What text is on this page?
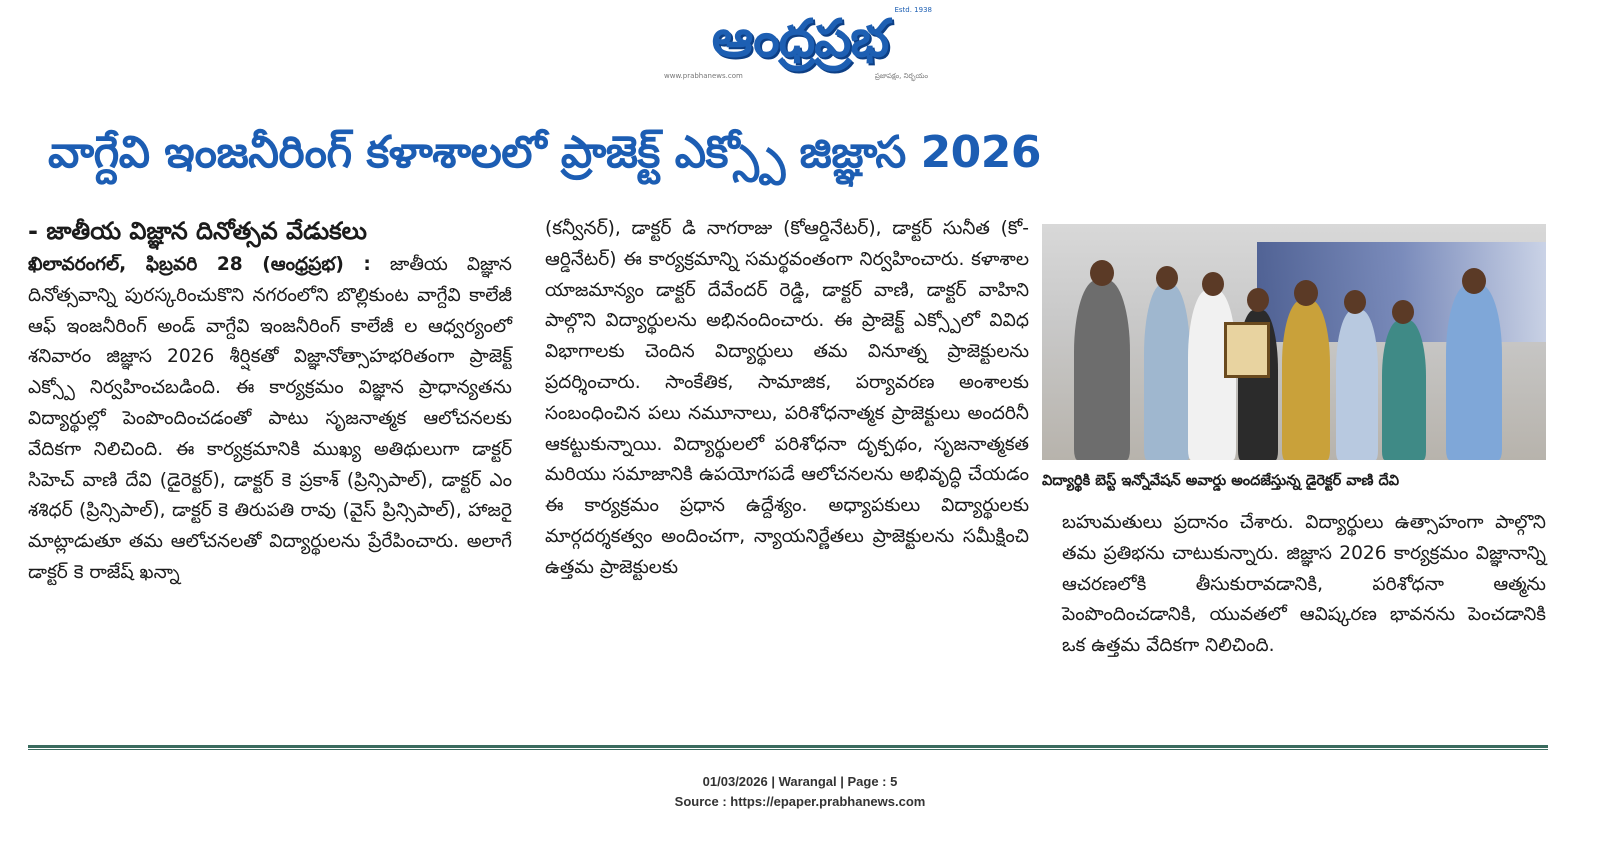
ఆంధ్రప్రభ Estd. 1938
www.prabhanews.com	ప్రజాపక్షం, నిర్భయం
వాగ్దేవి ఇంజనీరింగ్ కళాశాలలో ప్రాజెక్ట్ ఎక్స్పో జిజ్ఞాస 2026
- జాతీయ విజ్ఞాన దినోత్సవ వేడుకలు

ఖిలావరంగల్, ఫిబ్రవరి 28 (ఆంధ్రప్రభ) : జాతీయ విజ్ఞాన దినోత్సవాన్ని పురస్కరించుకొని నగరంలోని బొల్లికుంట వాగ్దేవి కాలేజీ ఆఫ్ ఇంజనీరింగ్ అండ్ వాగ్దేవి ఇంజనీరింగ్ కాలేజీ ల ఆధ్వర్యంలో శనివారం జిజ్ఞాస 2026 శీర్షికతో విజ్ఞానోత్సాహభరితంగా ప్రాజెక్ట్ ఎక్స్పో నిర్వహించబడింది. ఈ కార్యక్రమం విజ్ఞాన ప్రాధాన్యతను విద్యార్థుల్లో పెంపొందించడంతో పాటు సృజనాత్మక ఆలోచనలకు వేదికగా నిలిచింది. ఈ కార్యక్రమానికి ముఖ్య అతిథులుగా డాక్టర్ సిహెచ్ వాణి దేవి (డైరెక్టర్), డాక్టర్ కె ప్రకాశ్ (ప్రిన్సిపాల్), డాక్టర్ ఎం శశిధర్ (ప్రిన్సిపాల్), డాక్టర్ కె తిరుపతి రావు (వైస్ ప్రిన్సిపాల్), హాజరై మాట్లాడుతూ తమ ఆలోచనలతో విద్యార్థులను ప్రేరేపించారు. అలాగే డాక్టర్ కె రాజేష్ ఖన్నా

(కన్వీనర్), డాక్టర్ డి నాగరాజు (కోఆర్డినేటర్), డాక్టర్ సునీత (కో-ఆర్డినేటర్) ఈ కార్యక్రమాన్ని సమర్థవంతంగా నిర్వహించారు. కళాశాల యాజమాన్యం డాక్టర్ దేవేందర్ రెడ్డి, డాక్టర్ వాణి, డాక్టర్ వాహిని పాల్గొని విద్యార్థులను అభినందించారు. ఈ ప్రాజెక్ట్ ఎక్స్పోలో వివిధ విభాగాలకు చెందిన విద్యార్థులు తమ వినూత్న ప్రాజెక్టులను ప్రదర్శించారు. సాంకేతిక, సామాజిక, పర్యావరణ అంశాలకు సంబంధించిన పలు నమూనాలు, పరిశోధనాత్మక ప్రాజెక్టులు అందరినీ ఆకట్టుకున్నాయి. విద్యార్థులలో పరిశోధనా దృక్పథం, సృజనాత్మకత మరియు సమాజానికి ఉపయోగపడే ఆలోచనలను అభివృద్ధి చేయడం ఈ కార్యక్రమం ప్రధాన ఉద్దేశ్యం. అధ్యాపకులు విద్యార్థులకు మార్గదర్శకత్వం అందించగా, న్యాయనిర్ణేతలు ప్రాజెక్టులను సమీక్షించి ఉత్తమ ప్రాజెక్టులకు

విద్యార్థికి బెస్ట్ ఇన్నోవేషన్ అవార్డు అందజేస్తున్న డైరెక్టర్ వాణి దేవి

బహుమతులు ప్రదానం చేశారు. విద్యార్థులు ఉత్సాహంగా పాల్గొని తమ ప్రతిభను చాటుకున్నారు. జిజ్ఞాస 2026 కార్యక్రమం విజ్ఞానాన్ని ఆచరణలోకి తీసుకురావడానికి, పరిశోధనా ఆత్మను పెంపొందించడానికి, యువతలో ఆవిష్కరణ భావనను పెంచడానికి ఒక ఉత్తమ వేదికగా నిలిచింది.

01/03/2026 | Warangal | Page : 5
Source : https://epaper.prabhanews.com
